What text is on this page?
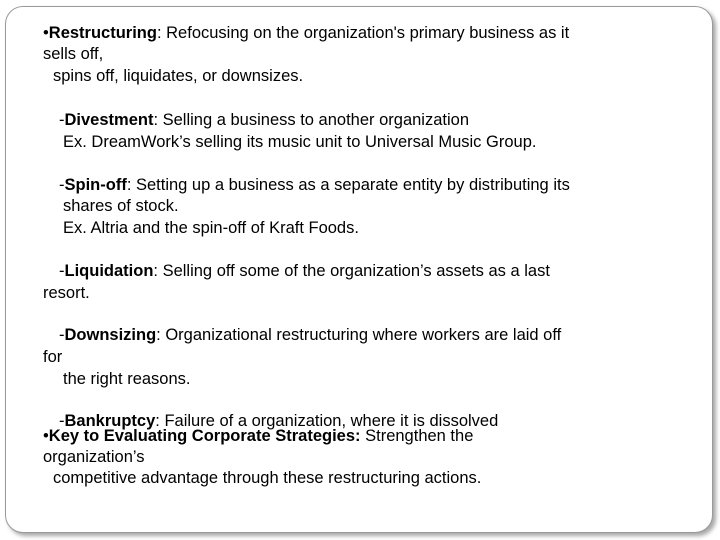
•Restructuring: Refocusing on the organization's primary business as it

sells off,

spins off, liquidates, or downsizes.

-Divestment: Selling a business to another organization

Ex. DreamWork’s selling its music unit to Universal Music Group.

-Spin-off: Setting up a business as a separate entity by distributing its

shares of stock.

Ex. Altria and the spin-off of Kraft Foods.

-Liquidation: Selling off some of the organization’s assets as a last

resort.

-Downsizing: Organizational restructuring where workers are laid off

for

the right reasons.

-Bankruptcy: Failure of a organization, where it is dissolved

•Key to Evaluating Corporate Strategies: Strengthen the

organization’s

competitive advantage through these restructuring actions.
